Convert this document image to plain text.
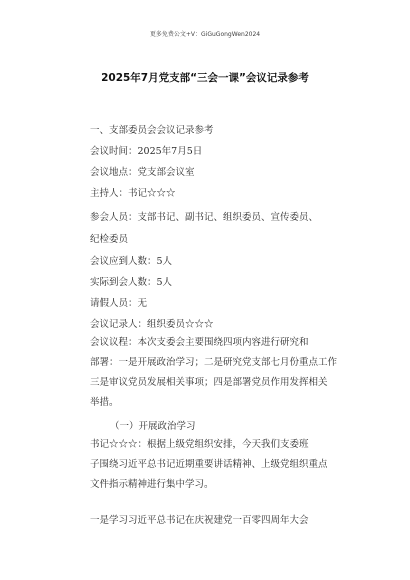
更多免费公文+V：GiGuGongWen2024
2025年7月党支部“三会一课”会议记录参考
一、支部委员会会议记录参考
会议时间：2025年7月5日
会议地点：党支部会议室
主持人：书记☆☆☆
参会人员：支部书记、副书记、组织委员、宣传委员、
纪检委员
会议应到人数：5人
实际到会人数：5人
请假人员：无
会议记录人：组织委员☆☆☆
会议议程：本次支委会主要围绕四项内容进行研究和
部署：一是开展政治学习；二是研究党支部七月份重点工作
三是审议党员发展相关事项；四是部署党员作用发挥相关
举措。
（一）开展政治学习
书记☆☆☆：根据上级党组织安排，今天我们支委班
子围绕习近平总书记近期重要讲话精神、上级党组织重点
文件指示精神进行集中学习。
一是学习习近平总书记在庆祝建党一百零四周年大会
